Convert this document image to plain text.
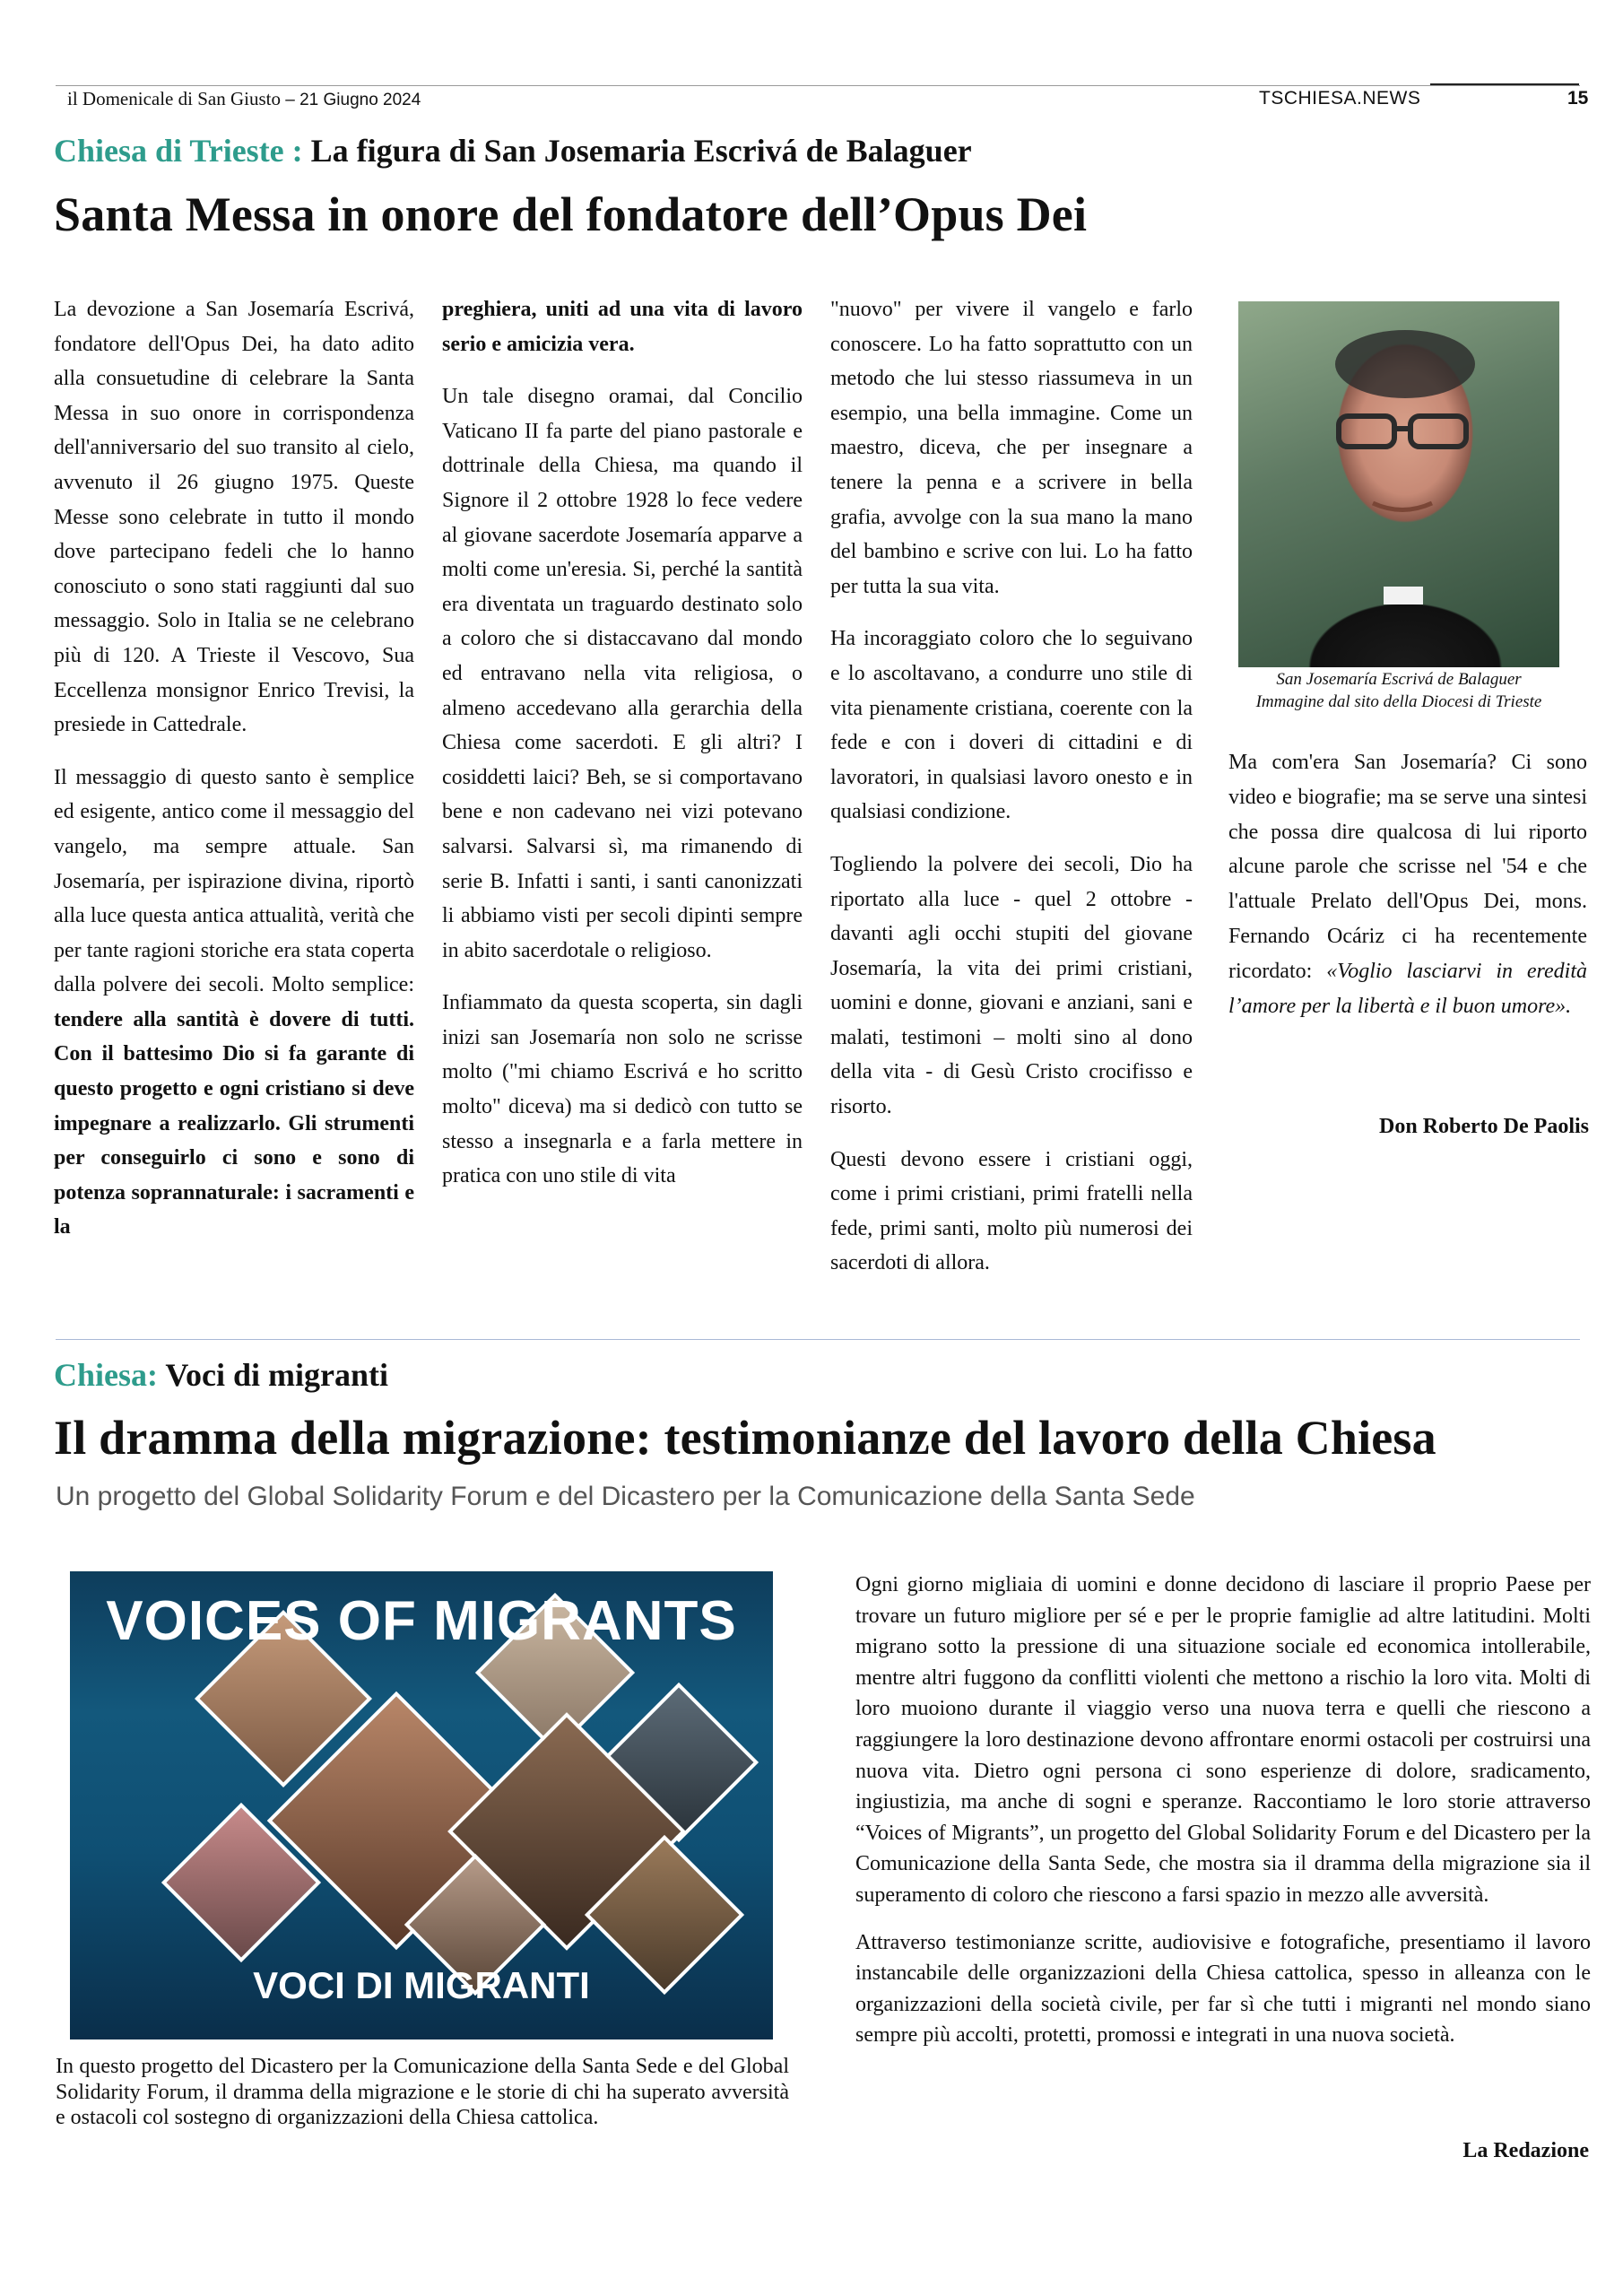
il Domenicale di San Giusto – 21 Giugno 2024	TSCHIESA.NEWS	15
Chiesa di Trieste : La figura di San Josemaria Escrivá de Balaguer
Santa Messa in onore del fondatore dell’Opus Dei

La devozione a San Josemaría Escrivá, fondatore dell'Opus Dei, ha dato adito alla consuetudine di celebrare la Santa Messa in suo onore in corrispondenza dell'anniversario del suo transito al cielo, avvenuto il 26 giugno 1975. Queste Messe sono celebrate in tutto il mondo dove partecipano fedeli che lo hanno conosciuto o sono stati raggiunti dal suo messaggio. Solo in Italia se ne celebrano più di 120. A Trieste il Vescovo, Sua Eccellenza monsignor Enrico Trevisi, la presiede in Cattedrale.

Il messaggio di questo santo è semplice ed esigente, antico come il messaggio del vangelo, ma sempre attuale. San Josemaría, per ispirazione divina, riportò alla luce questa antica attualità, verità che per tante ragioni storiche era stata coperta dalla polvere dei secoli. Molto semplice: tendere alla santità è dovere di tutti. Con il battesimo Dio si fa garante di questo progetto e ogni cristiano si deve impegnare a realizzarlo. Gli strumenti per conseguirlo ci sono e sono di potenza soprannaturale: i sacramenti e la

preghiera, uniti ad una vita di lavoro serio e amicizia vera.

Un tale disegno oramai, dal Concilio Vaticano II fa parte del piano pastorale e dottrinale della Chiesa, ma quando il Signore il 2 ottobre 1928 lo fece vedere al giovane sacerdote Josemaría apparve a molti come un'eresia. Si, perché la santità era diventata un traguardo destinato solo a coloro che si distaccavano dal mondo ed entravano nella vita religiosa, o almeno accedevano alla gerarchia della Chiesa come sacerdoti. E gli altri? I cosiddetti laici? Beh, se si comportavano bene e non cadevano nei vizi potevano salvarsi. Salvarsi sì, ma rimanendo di serie B. Infatti i santi, i santi canonizzati li abbiamo visti per secoli dipinti sempre in abito sacerdotale o religioso.

Infiammato da questa scoperta, sin dagli inizi san Josemaría non solo ne scrisse molto ("mi chiamo Escrivá e ho scritto molto" diceva) ma si dedicò con tutto se stesso a insegnarla e a farla mettere in pratica con uno stile di vita

"nuovo" per vivere il vangelo e farlo conoscere. Lo ha fatto soprattutto con un metodo che lui stesso riassumeva in un esempio, una bella immagine. Come un maestro, diceva, che per insegnare a tenere la penna e a scrivere in bella grafia, avvolge con la sua mano la mano del bambino e scrive con lui. Lo ha fatto per tutta la sua vita.

Ha incoraggiato coloro che lo seguivano e lo ascoltavano, a condurre uno stile di vita pienamente cristiana, coerente con la fede e con i doveri di cittadini e di lavoratori, in qualsiasi lavoro onesto e in qualsiasi condizione.

Togliendo la polvere dei secoli, Dio ha riportato alla luce - quel 2 ottobre - davanti agli occhi stupiti del giovane Josemaría, la vita dei primi cristiani, uomini e donne, giovani e anziani, sani e malati, testimoni – molti sino al dono della vita - di Gesù Cristo crocifisso e risorto.

Questi devono essere i cristiani oggi, come i primi cristiani, primi fratelli nella fede, primi santi, molto più numerosi dei sacerdoti di allora.

San Josemaría Escrivá de Balaguer
Immagine dal sito della Diocesi di Trieste
Ma com'era San Josemaría? Ci sono video e biografie; ma se serve una sintesi che possa dire qualcosa di lui riporto alcune parole che scrisse nel '54 e che l'attuale Prelato dell'Opus Dei, mons. Fernando Ocáriz ci ha recentemente ricordato: «Voglio lasciarvi in eredità l’amore per la libertà e il buon umore».
Don Roberto De Paolis
Chiesa: Voci di migranti
Il dramma della migrazione: testimonianze del lavoro della Chiesa
Un progetto del Global Solidarity Forum e del Dicastero per la Comunicazione della Santa Sede
VOICES OF MIGRANTS
VOCI DI MIGRANTI
In questo progetto del Dicastero per la Comunicazione della Santa Sede e del Global Solidarity Forum, il dramma della migrazione e le storie di chi ha superato avversità e ostacoli col sostegno di organizzazioni della Chiesa cattolica.

Ogni giorno migliaia di uomini e donne decidono di lasciare il proprio Paese per trovare un futuro migliore per sé e per le proprie famiglie ad altre latitudini. Molti migrano sotto la pressione di una situazione sociale ed economica intollerabile, mentre altri fuggono da conflitti violenti che mettono a rischio la loro vita. Molti di loro muoiono durante il viaggio verso una nuova terra e quelli che riescono a raggiungere la loro destinazione devono affrontare enormi ostacoli per costruirsi una nuova vita. Dietro ogni persona ci sono esperienze di dolore, sradicamento, ingiustizia, ma anche di sogni e speranze. Raccontiamo le loro storie attraverso “Voices of Migrants”, un progetto del Global Solidarity Forum e del Dicastero per la Comunicazione della Santa Sede, che mostra sia il dramma della migrazione sia il superamento di coloro che riescono a farsi spazio in mezzo alle avversità.

Attraverso testimonianze scritte, audiovisive e fotografiche, presentiamo il lavoro instancabile delle organizzazioni della Chiesa cattolica, spesso in alleanza con le organizzazioni della società civile, per far sì che tutti i migranti nel mondo siano sempre più accolti, protetti, promossi e integrati in una nuova società.

La Redazione
